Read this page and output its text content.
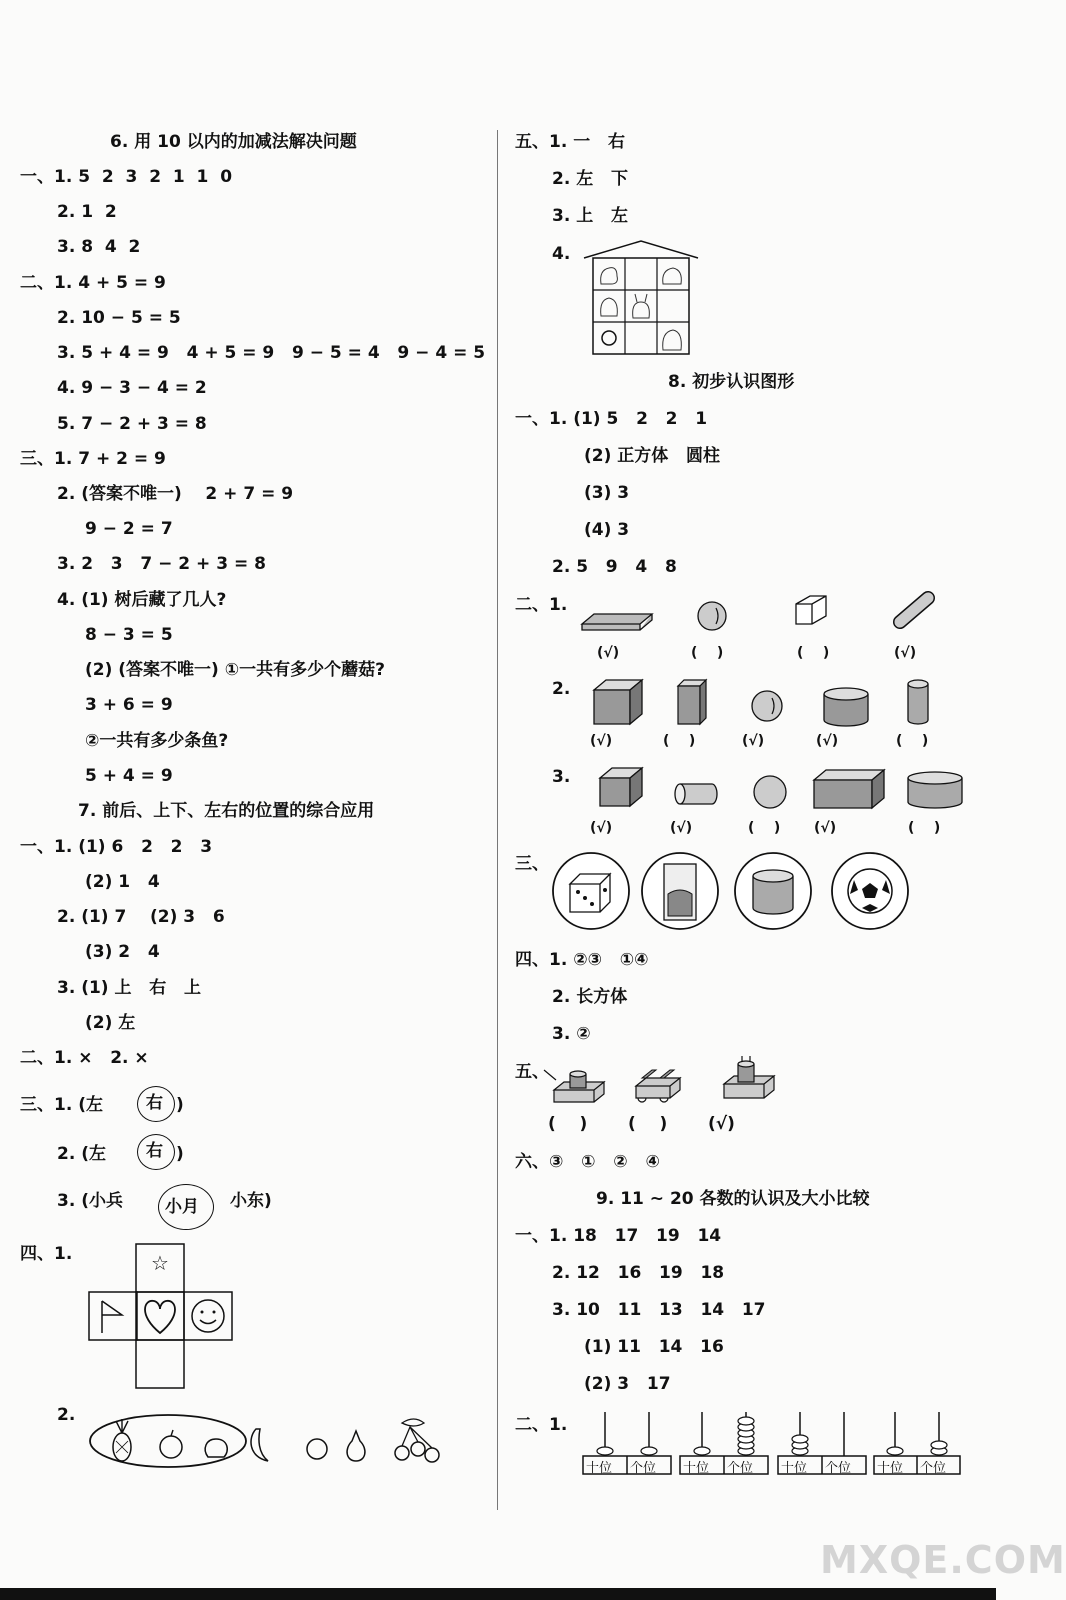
6. 用 10 以内的加减法解决问题
一、1. 5  2  3  2  1  1  0
2. 1  2
3. 8  4  2
二、1. 4 + 5 = 9
2. 10 − 5 = 5
3. 5 + 4 = 9   4 + 5 = 9   9 − 5 = 4   9 − 4 = 5
4. 9 − 3 − 4 = 2
5. 7 − 2 + 3 = 8
三、1. 7 + 2 = 9
2. (答案不唯一)    2 + 7 = 9
9 − 2 = 7
3. 2   3   7 − 2 + 3 = 8
4. (1) 树后藏了几人?
8 − 3 = 5
(2) (答案不唯一) ①一共有多少个蘑菇?
3 + 6 = 9
②一共有多少条鱼?
5 + 4 = 9
7. 前后、上下、左右的位置的综合应用
一、1. (1) 6   2   2   3
(2) 1   4
2. (1) 7    (2) 3   6
(3) 2   4
3. (1) 上   右   上
(2) 左
二、1. ×   2. ×
三、1. (左	右 )
2. (左 右 )
3. (小兵 小月 小东)
四、1.	☆
2.
五、1. 一   右
2. 左   下
3. 上   左
4.
8. 初步认识图形
一、1. (1) 5   2   2   1
(2) 正方体   圆柱
(3) 3
(4) 3
2. 5   9   4   8
二、1.
(√)	(    )	(    )	(√)
2.
(√)	(    )	(√)	(√)	(    )
3.
(√)	(√)	(    ) (√)	(    )
三、
四、1. ②③   ①④
2. 长方体
3. ②
五、
(    ) (    ) (√)
六、③   ①   ②   ④
9. 11 ~ 20 各数的认识及大小比较
一、1. 18   17   19   14
2. 12   16   19   18
3. 10   11   13   14   17
(1) 11   14   16
(2) 3   17
二、1.
十位 个位 十位 个位 十位 个位 十位 个位
MXQE.COM
